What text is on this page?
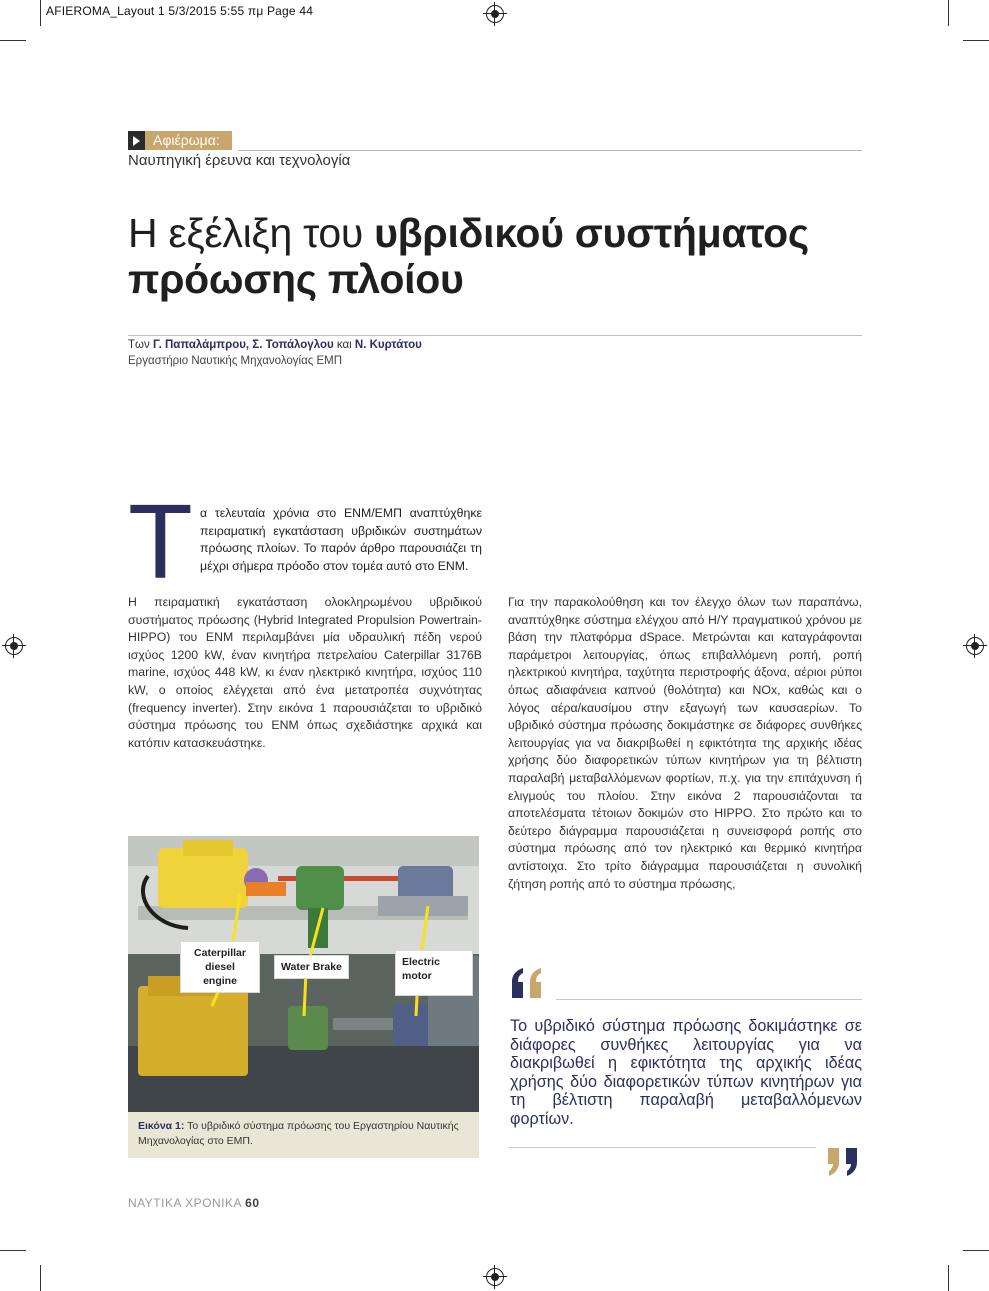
AFIEROMA_Layout 1 5/3/2015 5:55 πμ Page 44
Αφιέρωμα:
Ναυπηγική έρευνα και τεχνολογία
Η εξέλιξη του υβριδικού συστήματος
πρόωσης πλοίου
Των Γ. Παπαλάμπρου, Σ. Τοπάλογλου και Ν. Κυρτάτου
Εργαστήριο Ναυτικής Μηχανολογίας ΕΜΠ
Τ α τελευταία χρόνια στο ΕΝΜ/ΕΜΠ αναπτύχθηκε πειραματική εγκατάσταση υβριδικών συστημάτων πρόωσης πλοίων. Το παρόν άρθρο παρουσιάζει τη μέχρι σήμερα πρόοδο στον τομέα αυτό στο ΕΝΜ.
Η πειραματική εγκατάσταση ολοκληρωμένου υβριδικού συστήματος πρόωσης (Hybrid Integrated Propulsion Powertrain-HIPPO) του ΕΝΜ περιλαμβάνει μία υδραυλική πέδη νερού ισχύος 1200 kW, έναν κινητήρα πετρελαίου Caterpillar 3176B marine, ισχύος 448 kW, κι έναν ηλεκτρικό κινητήρα, ισχύος 110 kW, ο οποίος ελέγχεται από ένα μετατροπέα συχνότητας (frequency inverter). Στην εικόνα 1 παρουσιάζεται το υβριδικό σύστημα πρόωσης του ΕΝΜ όπως σχεδιάστηκε αρχικά και κατόπιν κατασκευάστηκε.
Για την παρακολούθηση και τον έλεγχο όλων των παραπάνω, αναπτύχθηκε σύστημα ελέγχου από Η/Υ πραγματικού χρόνου με βάση την πλατφόρμα dSpace. Μετρώνται και καταγράφονται παράμετροι λειτουργίας, όπως επιβαλλόμενη ροπή, ροπή ηλεκτρικού κινητήρα, ταχύτητα περιστροφής άξονα, αέριοι ρύποι όπως αδιαφάνεια καπνού (θολότητα) και NOx, καθώς και ο λόγος αέρα/καυσίμου στην εξαγωγή των καυσαερίων. Το υβριδικό σύστημα πρόωσης δοκιμάστηκε σε διάφορες συνθήκες λειτουργίας για να διακριβωθεί η εφικτότητα της αρχικής ιδέας χρήσης δύο διαφορετικών τύπων κινητήρων για τη βέλτιστη παραλαβή μεταβαλλόμενων φορτίων, π.χ. για την επιτάχυνση ή ελιγμούς του πλοίου. Στην εικόνα 2 παρουσιάζονται τα αποτελέσματα τέτοιων δοκιμών στο HIPPO. Στο πρώτο και το δεύτερο διάγραμμα παρουσιάζεται η συνεισφορά ροπής στο σύστημα πρόωσης από τον ηλεκτρικό και θερμικό κινητήρα αντίστοιχα. Στο τρίτο διάγραμμα παρουσιάζεται η συνολική ζήτηση ροπής από το σύστημα πρόωσης,
Caterpillar
diesel engine
Water Brake	Electric
motor
Εικόνα 1: Το υβριδικό σύστημα πρόωσης του Εργαστηρίου Ναυτικής Μηχανολογίας στο ΕΜΠ.
Το υβριδικό σύστημα πρόωσης δοκιμάστηκε σε διάφορες συνθήκες λειτουργίας για να διακριβωθεί η εφικτότητα της αρχικής ιδέας χρήσης δύο διαφορετικών τύπων κινητήρων για τη βέλτιστη παραλαβή μεταβαλλόμενων φορτίων.
ΝΑΥΤΙΚΑ ΧΡΟΝΙΚΑ 60
